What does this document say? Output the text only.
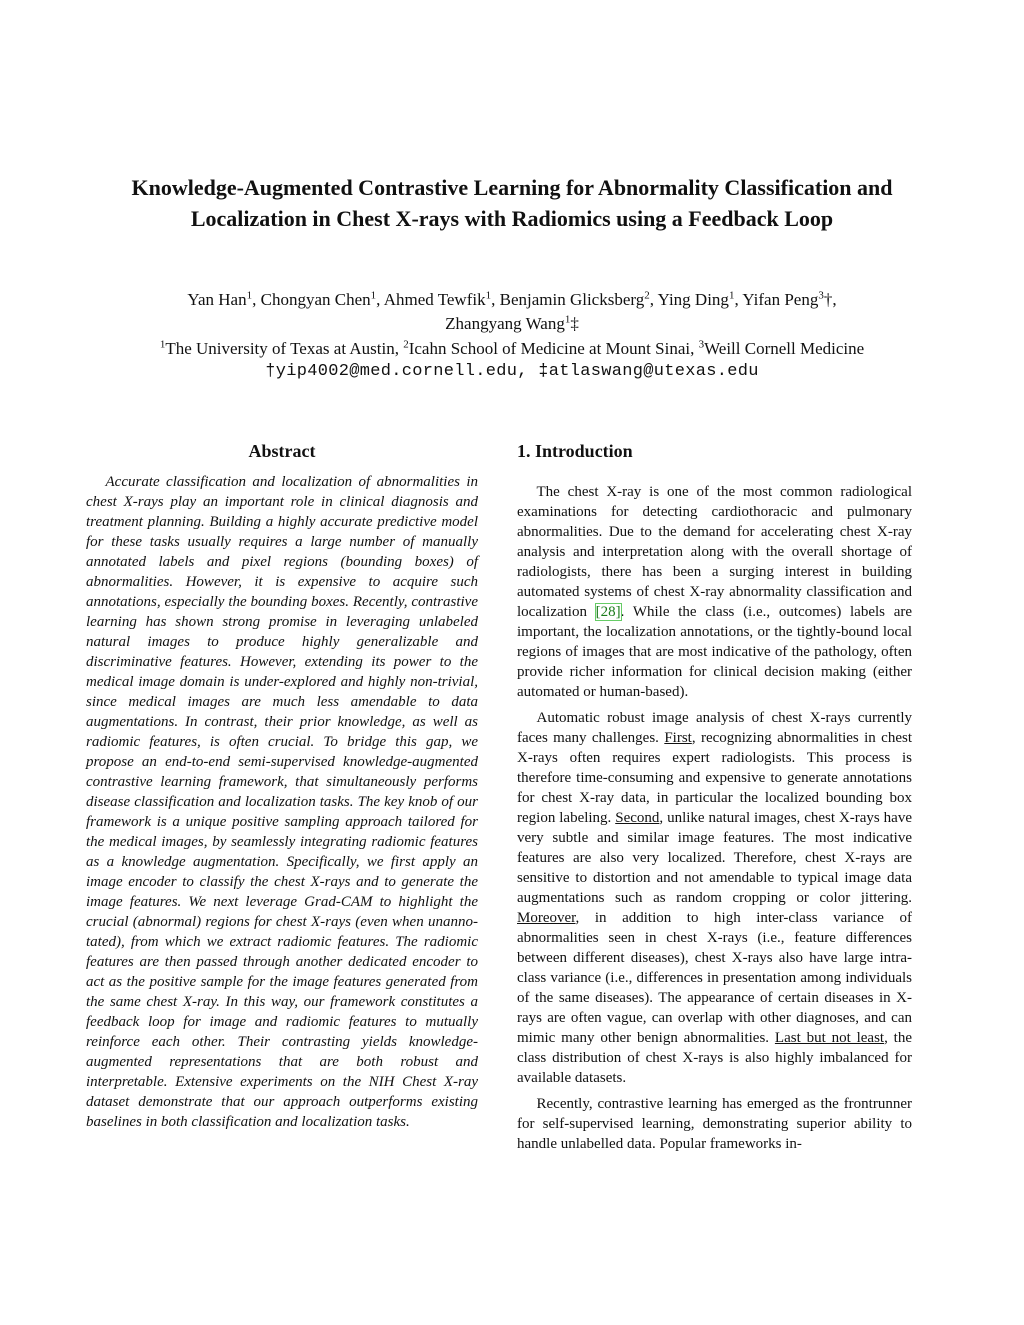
Knowledge-Augmented Contrastive Learning for Abnormality Classification and
Localization in Chest X-rays with Radiomics using a Feedback Loop
Yan Han$^1$, Chongyan Chen$^1$, Ahmed Tewfik$^1$, Benjamin Glicksberg$^2$, Ying Ding$^1$, Yifan Peng$^3$†,
Zhangyang Wang$^1$‡
$^1$The University of Texas at Austin, $^2$Icahn School of Medicine at Mount Sinai, $^3$Weill Cornell Medicine
†yip4002@med.cornell.edu, ‡atlaswang@utexas.edu
Abstract

Accurate classification and localization of abnormalities in chest X-rays play an important role in clinical diagnosis and treatment planning. Building a highly accurate predictive model for these tasks usually requires a large number of manually annotated labels and pixel regions (bounding boxes) of abnormalities. However, it is expensive to acquire such annotations, especially the bounding boxes. Recently, contrastive learning has shown strong promise in leveraging unlabeled natural images to produce highly generalizable and discriminative features. However, extending its power to the medical image domain is under-explored and highly non-trivial, since medical images are much less amendable to data augmentations. In contrast, their prior knowledge, as well as radiomic features, is often crucial. To bridge this gap, we propose an end-to-end semi-supervised knowledge-augmented contrastive learning framework, that simultaneously performs disease classification and localization tasks. The key knob of our framework is a unique positive sampling approach tailored for the medical images, by seamlessly integrating radiomic features as a knowledge augmentation. Specifically, we first apply an image encoder to classify the chest X-rays and to generate the image features. We next leverage Grad-CAM to highlight the crucial (abnormal) regions for chest X-rays (even when unannotated), from which we extract radiomic features. The radiomic features are then passed through another dedicated encoder to act as the positive sample for the image features generated from the same chest X-ray. In this way, our framework constitutes a feedback loop for image and radiomic features to mutually reinforce each other. Their contrasting yields knowledge-augmented representations that are both robust and interpretable. Extensive experiments on the NIH Chest X-ray dataset demonstrate that our approach outperforms existing baselines in both classification and localization tasks.

1. Introduction

The chest X-ray is one of the most common radiological examinations for detecting cardiothoracic and pulmonary abnormalities. Due to the demand for accelerating chest X-ray analysis and interpretation along with the overall shortage of radiologists, there has been a surging interest in building automated systems of chest X-ray abnormality classification and localization [28]. While the class (i.e., outcomes) labels are important, the localization annotations, or the tightly-bound local regions of images that are most indicative of the pathology, often provide richer information for clinical decision making (either automated or human-based).

Automatic robust image analysis of chest X-rays currently faces many challenges. First, recognizing abnormalities in chest X-rays often requires expert radiologists. This process is therefore time-consuming and expensive to generate annotations for chest X-ray data, in particular the localized bounding box region labeling. Second, unlike natural images, chest X-rays have very subtle and similar image features. The most indicative features are also very localized. Therefore, chest X-rays are sensitive to distortion and not amendable to typical image data augmentations such as random cropping or color jittering. Moreover, in addition to high inter-class variance of abnormalities seen in chest X-rays (i.e., feature differences between different diseases), chest X-rays also have large intra-class variance (i.e., differences in presentation among individuals of the same diseases). The appearance of certain diseases in X-rays are often vague, can overlap with other diagnoses, and can mimic many other benign abnormalities. Last but not least, the class distribution of chest X-rays is also highly imbalanced for available datasets.

Recently, contrastive learning has emerged as the frontrunner for self-supervised learning, demonstrating superior ability to handle unlabelled data. Popular frameworks in-
